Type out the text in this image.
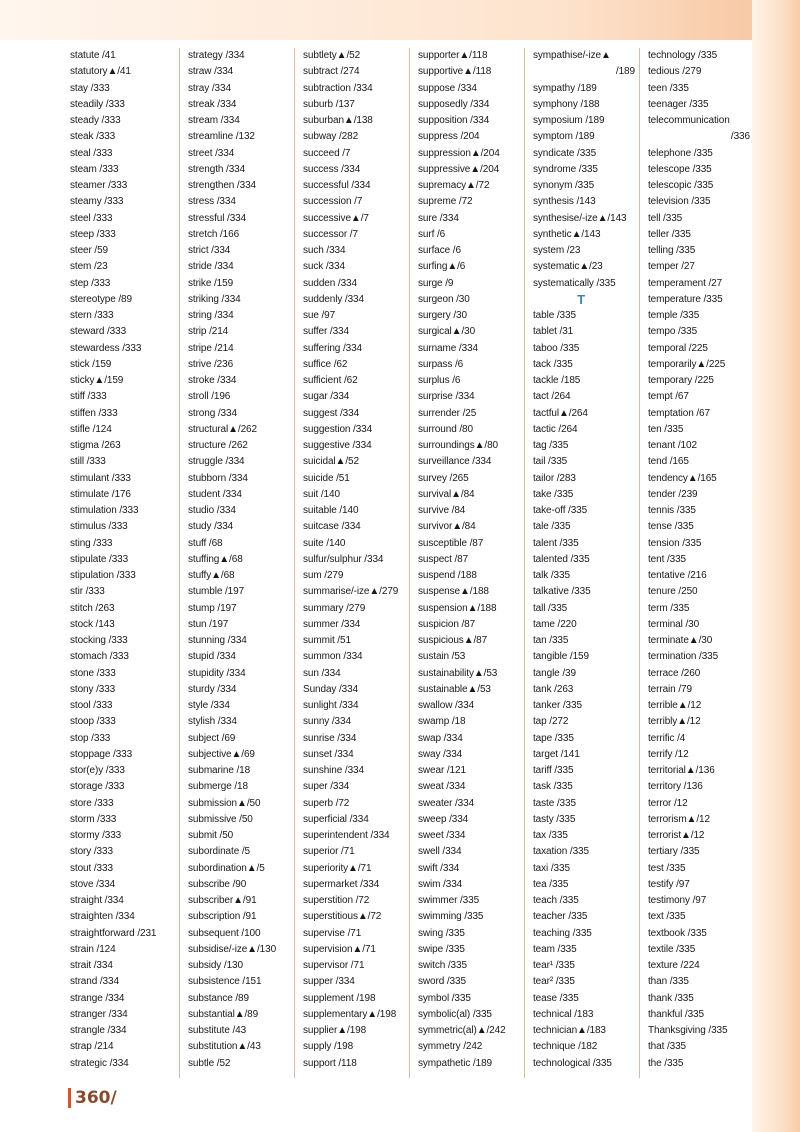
statute /41
statutory▲/41
stay /333
steadily /333
steady /333
steak /333
steal /333
steam /333
steamer /333
steamy /333
steel /333
steep /333
steer /59
stem /23
step /333
stereotype /89
stern /333
steward /333
stewardess /333
stick /159
sticky▲/159
stiff /333
stiffen /333
stifle /124
stigma /263
still /333
stimulant /333
stimulate /176
stimulation /333
stimulus /333
sting /333
stipulate /333
stipulation /333
stir /333
stitch /263
stock /143
stocking /333
stomach /333
stone /333
stony /333
stool /333
stoop /333
stop /333
stoppage /333
stor(e)y /333
storage /333
store /333
storm /333
stormy /333
story /333
stout /333
stove /334
straight /334
straighten /334
straightforward /231
strain /124
strait /334
strand /334
strange /334
stranger /334
strangle /334
strap /214
strategic /334
strategy /334
straw /334
stray /334
streak /334
stream /334
streamline /132
street /334
strength /334
strengthen /334
stress /334
stressful /334
stretch /166
strict /334
stride /334
strike /159
striking /334
string /334
strip /214
stripe /214
strive /236
stroke /334
stroll /196
strong /334
structural▲/262
structure /262
struggle /334
stubborn /334
student /334
studio /334
study /334
stuff /68
stuffing▲/68
stuffy▲/68
stumble /197
stump /197
stun /197
stunning /334
stupid /334
stupidity /334
sturdy /334
style /334
stylish /334
subject /69
subjective▲/69
submarine /18
submerge /18
submission▲/50
submissive /50
submit /50
subordinate /5
subordination▲/5
subscribe /90
subscriber▲/91
subscription /91
subsequent /100
subsidise/-ize▲/130
subsidy /130
subsistence /151
substance /89
substantial▲/89
substitute /43
substitution▲/43
subtle /52
subtlety▲/52
subtract /274
subtraction /334
suburb /137
suburban▲/138
subway /282
succeed /7
success /334
successful /334
succession /7
successive▲/7
successor /7
such /334
suck /334
sudden /334
suddenly /334
sue /97
suffer /334
suffering /334
suffice /62
sufficient /62
sugar /334
suggest /334
suggestion /334
suggestive /334
suicidal▲/52
suicide /51
suit /140
suitable /140
suitcase /334
suite /140
sulfur/sulphur /334
sum /279
summarise/-ize▲/279
summary /279
summer /334
summit /51
summon /334
sun /334
Sunday /334
sunlight /334
sunny /334
sunrise /334
sunset /334
sunshine /334
super /334
superb /72
superficial /334
superintendent /334
superior /71
superiority▲/71
supermarket /334
superstition /72
superstitious▲/72
supervise /71
supervision▲/71
supervisor /71
supper /334
supplement /198
supplementary▲/198
supplier▲/198
supply /198
support /118
supporter▲/118
supportive▲/118
suppose /334
supposedly /334
supposition /334
suppress /204
suppression▲/204
suppressive▲/204
supremacy▲/72
supreme /72
sure /334
surf /6
surface /6
surfing▲/6
surge /9
surgeon /30
surgery /30
surgical▲/30
surname /334
surpass /6
surplus /6
surprise /334
surrender /25
surround /80
surroundings▲/80
surveillance /334
survey /265
survival▲/84
survive /84
survivor▲/84
susceptible /87
suspect /87
suspend /188
suspense▲/188
suspension▲/188
suspicion /87
suspicious▲/87
sustain /53
sustainability▲/53
sustainable▲/53
swallow /334
swamp /18
swap /334
sway /334
swear /121
sweat /334
sweater /334
sweep /334
sweet /334
swell /334
swift /334
swim /334
swimmer /335
swimming /335
swing /335
swipe /335
switch /335
sword /335
symbol /335
symbolic(al) /335
symmetric(al)▲/242
symmetry /242
sympathetic /189
sympathise/-ize▲
/189
sympathy /189
symphony /188
symposium /189
symptom /189
syndicate /335
syndrome /335
synonym /335
synthesis /143
synthesise/-ize▲/143
synthetic▲/143
system /23
systematic▲/23
systematically /335
T
table /335
tablet /31
taboo /335
tack /335
tackle /185
tact /264
tactful▲/264
tactic /264
tag /335
tail /335
tailor /283
take /335
take-off /335
tale /335
talent /335
talented /335
talk /335
talkative /335
tall /335
tame /220
tan /335
tangible /159
tangle /39
tank /263
tanker /335
tap /272
tape /335
target /141
tariff /335
task /335
taste /335
tasty /335
tax /335
taxation /335
taxi /335
tea /335
teach /335
teacher /335
teaching /335
team /335
tear¹ /335
tear² /335
tease /335
technical /183
technician▲/183
technique /182
technological /335
technology /335
tedious /279
teen /335
teenager /335
telecommunication
/336
telephone /335
telescope /335
telescopic /335
television /335
tell /335
teller /335
telling /335
temper /27
temperament /27
temperature /335
temple /335
tempo /335
temporal /225
temporarily▲/225
temporary /225
tempt /67
temptation /67
ten /335
tenant /102
tend /165
tendency▲/165
tender /239
tennis /335
tense /335
tension /335
tent /335
tentative /216
tenure /250
term /335
terminal /30
terminate▲/30
termination /335
terrace /260
terrain /79
terrible▲/12
terribly▲/12
terrific /4
terrify /12
territorial▲/136
territory /136
terror /12
terrorism▲/12
terrorist▲/12
tertiary /335
test /335
testify /97
testimony /97
text /335
textbook /335
textile /335
texture /224
than /335
thank /335
thankful /335
Thanksgiving /335
that /335
the /335
360/
